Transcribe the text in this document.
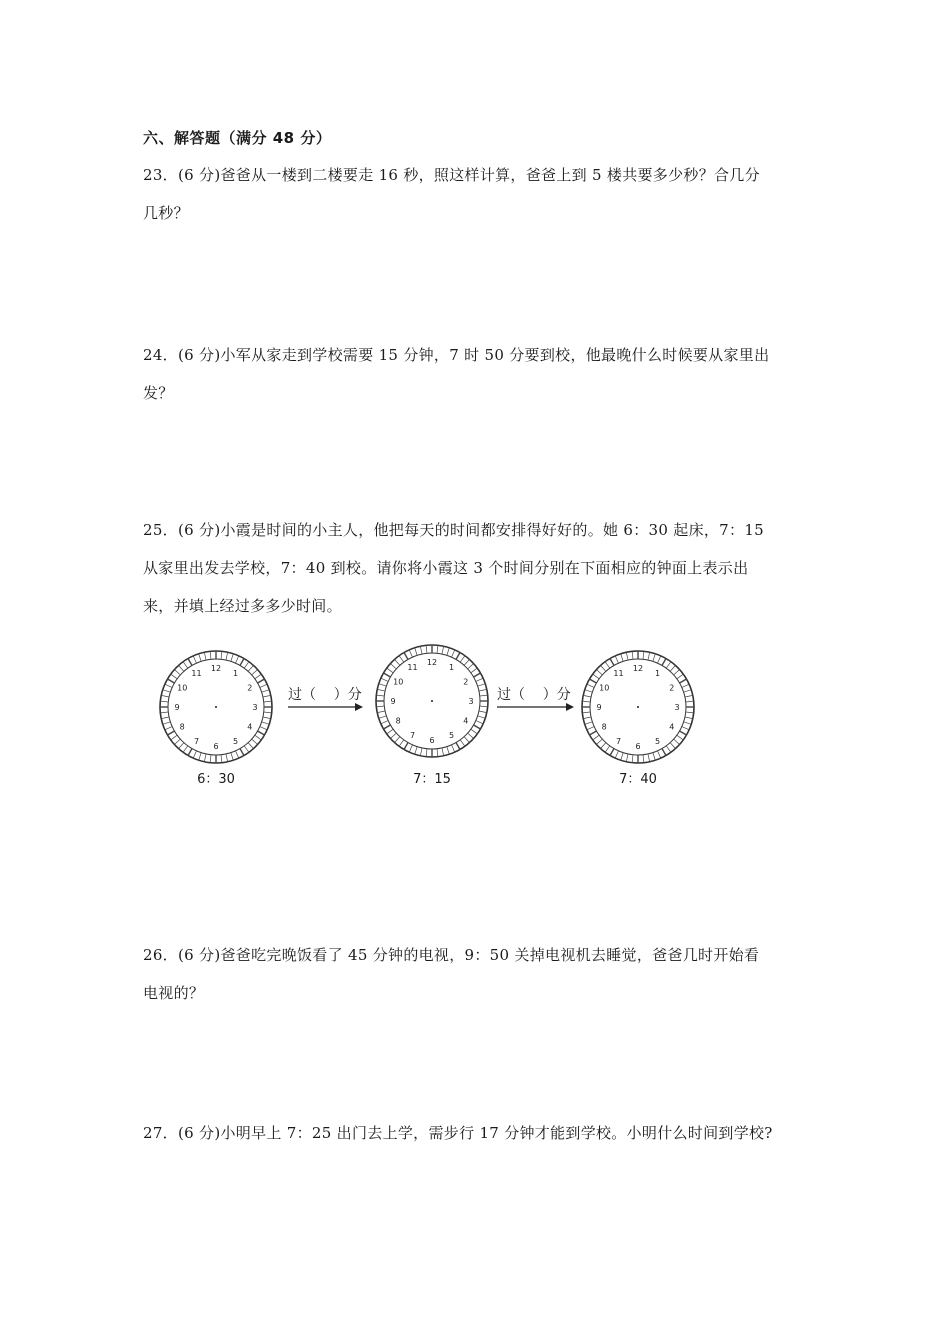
六、解答题（满分 48 分）

23．(6 分)爸爸从一楼到二楼要走 16 秒，照这样计算，爸爸上到 5 楼共要多少秒？合几分

几秒？

24．(6 分)小军从家走到学校需要 15 分钟，7 时 50 分要到校，他最晚什么时候要从家里出

发？

25．(6 分)小霞是时间的小主人，他把每天的时间都安排得好好的。她 6：30 起床，7：15

从家里出发去学校，7：40 到校。请你将小霞这 3 个时间分别在下面相应的钟面上表示出

来，并填上经过多多少时间。

12
1
2
3
4
5
6
7
8
9
10
11
12
1
2
3
4
5
6
7
8
9
10
11	12
1
2
3
4
5
6
7
8
9
10
11
过（    ）分	过（    ）分
6：30	7：15	7：40

26．(6 分)爸爸吃完晚饭看了 45 分钟的电视，9：50 关掉电视机去睡觉，爸爸几时开始看

电视的？

27．(6 分)小明早上 7：25 出门去上学，需步行 17 分钟才能到学校。小明什么时间到学校?
